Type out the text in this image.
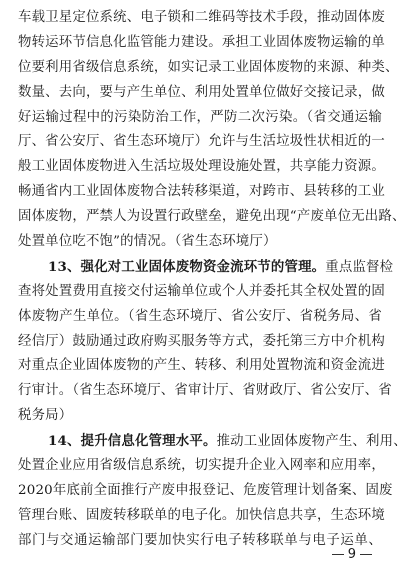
车载卫星定位系统、电子锁和二维码等技术手段，推动固体废
物转运环节信息化监管能力建设。承担工业固体废物运输的单
位要利用省级信息系统，如实记录工业固体废物的来源、种类、
数量、去向，要与产生单位、利用处置单位做好交接记录，做
好运输过程中的污染防治工作，严防二次污染。（省交通运输
厅、省公安厅、省生态环境厅）允许与生活垃圾性状相近的一
般工业固体废物进入生活垃圾处理设施处置，共享能力资源。
畅通省内工业固体废物合法转移渠道，对跨市、县转移的工业
固体废物，严禁人为设置行政壁垒，避免出现“产废单位无出路、
处置单位吃不饱”的情况。（省生态环境厅）
13、强化对工业固体废物资金流环节的管理。重点监督检
查将处置费用直接交付运输单位或个人并委托其全权处置的固
体废物产生单位。（省生态环境厅、省公安厅、省税务局、省
经信厅）鼓励通过政府购买服务等方式，委托第三方中介机构
对重点企业固体废物的产生、转移、利用处置物流和资金流进
行审计。（省生态环境厅、省审计厅、省财政厅、省公安厅、省
税务局）
14、提升信息化管理水平。推动工业固体废物产生、利用、
处置企业应用省级信息系统，切实提升企业入网率和应用率，
2020年底前全面推行产废申报登记、危废管理计划备案、固废
管理台账、固废转移联单的电子化。加快信息共享，生态环境
部门与交通运输部门要加快实行电子转移联单与电子运单、
9
